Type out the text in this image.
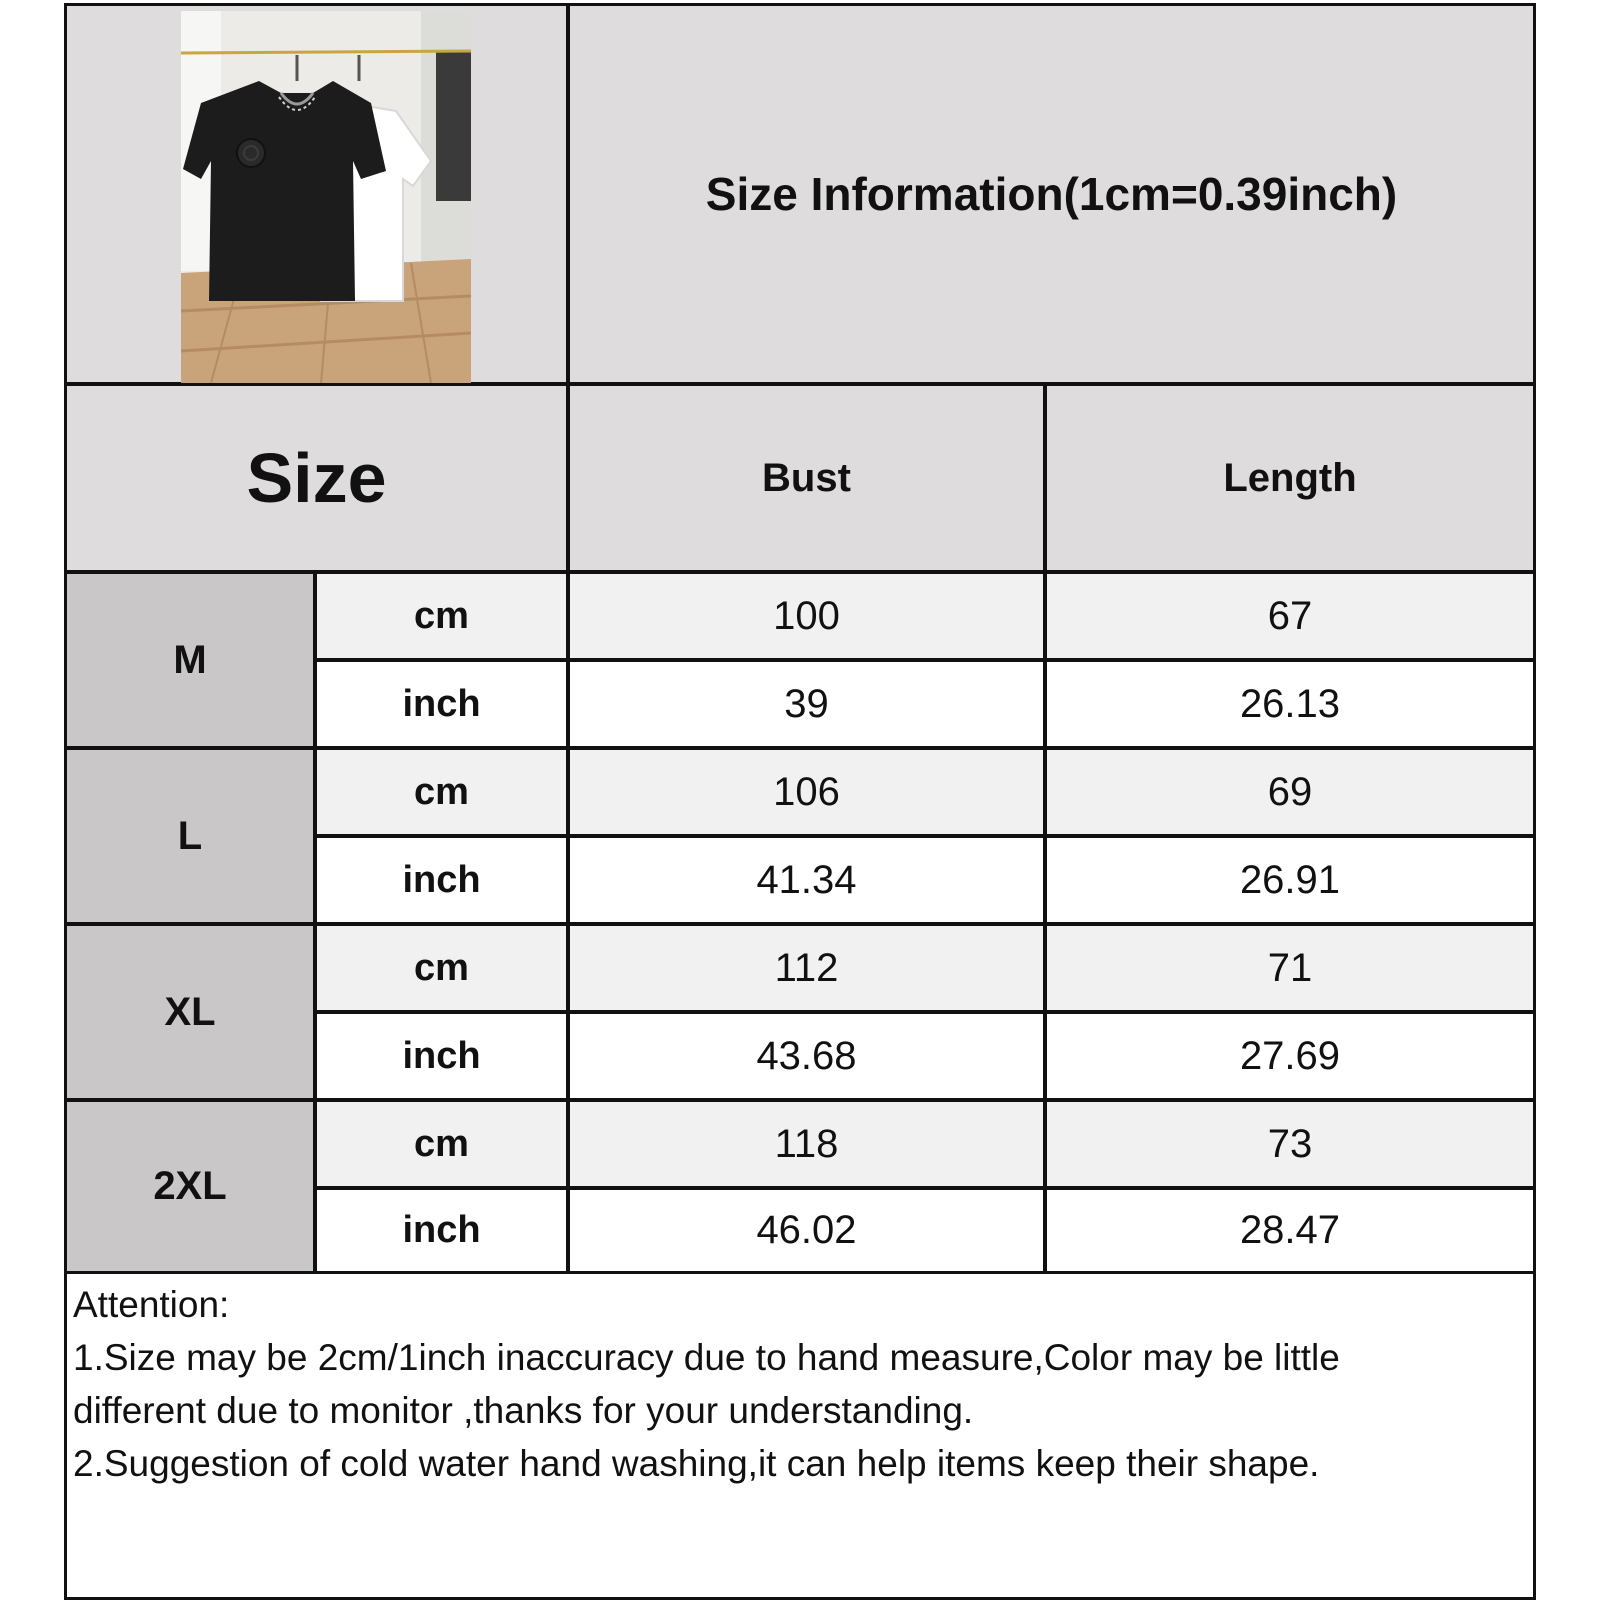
Size Information(1cm=0.39inch)
Size	Bust	Length
M
cm	100	67
inch	39	26.13
L
cm	106	69
inch	41.34	26.91
XL
cm	112	71
inch	43.68	27.69
2XL
cm	118	73
inch	46.02	28.47
Attention:
1.Size may be 2cm/1inch inaccuracy due to hand measure,Color may be little
different due to monitor ,thanks for your understanding.
2.Suggestion of cold water hand washing,it can help items keep their shape.
